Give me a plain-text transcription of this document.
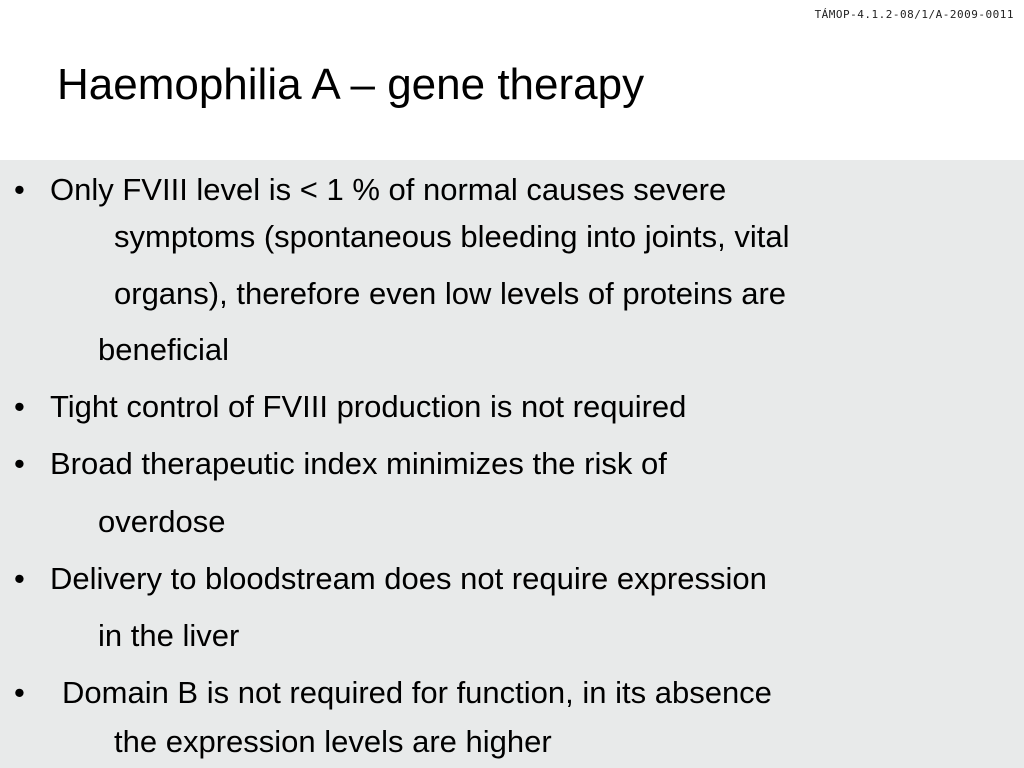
TÁMOP-4.1.2-08/1/A-2009-0011
Haemophilia A – gene therapy
• Only FVIII level is < 1 % of normal causes severe
symptoms (spontaneous bleeding into joints, vital
organs), therefore even low levels of proteins are
beneficial
• Tight control of FVIII production is not required
• Broad therapeutic index minimizes the risk of
overdose
• Delivery to bloodstream does not require expression
in the liver
• Domain B is not required for function, in its absence
the expression levels are higher
